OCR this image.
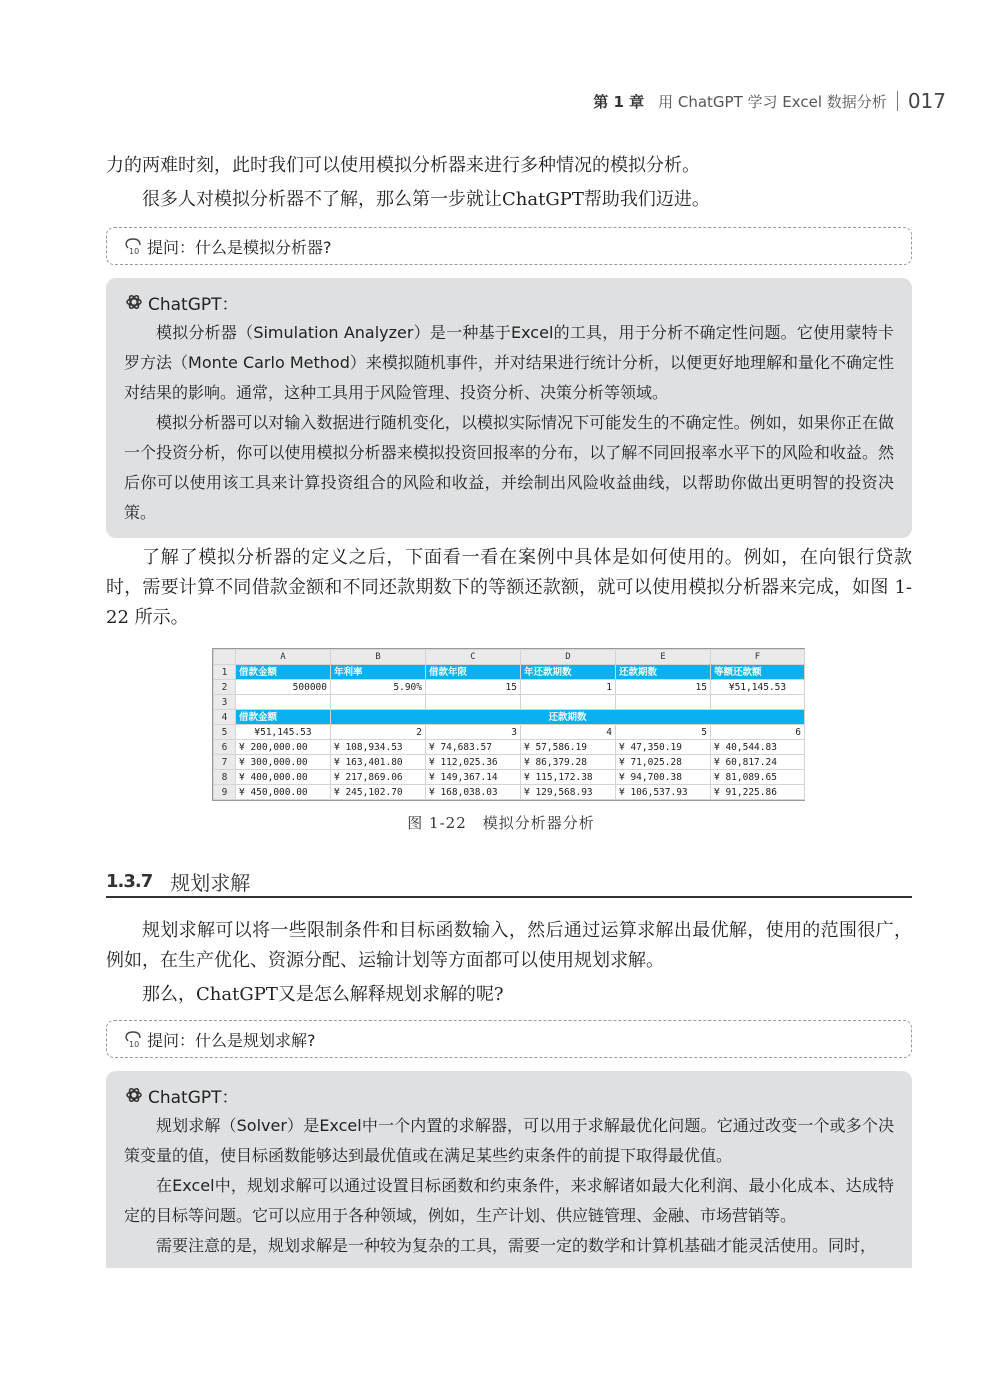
第 1 章 用 ChatGPT 学习 Excel 数据分析 017

力的两难时刻，此时我们可以使用模拟分析器来进行多种情况的模拟分析。

很多人对模拟分析器不了解，那么第一步就让ChatGPT帮助我们迈进。

10 提问：什么是模拟分析器?
ChatGPT：

模拟分析器（Simulation Analyzer）是一种基于Excel的工具，用于分析不确定性问题。它使用蒙特卡罗方法（Monte Carlo Method）来模拟随机事件，并对结果进行统计分析，以便更好地理解和量化不确定性对结果的影响。通常，这种工具用于风险管理、投资分析、决策分析等领域。

模拟分析器可以对输入数据进行随机变化，以模拟实际情况下可能发生的不确定性。例如，如果你正在做一个投资分析，你可以使用模拟分析器来模拟投资回报率的分布，以了解不同回报率水平下的风险和收益。然后你可以使用该工具来计算投资组合的风险和收益，并绘制出风险收益曲线，以帮助你做出更明智的投资决策。

了解了模拟分析器的定义之后，下面看一看在案例中具体是如何使用的。例如，在向银行贷款时，需要计算不同借款金额和不同还款期数下的等额还款额，就可以使用模拟分析器来完成，如图 1-22 所示。

	A	B	C	D	E	F
1	借款金额	年利率	借款年限	年还款期数	还款期数	等额还款额
2	500000	5.90%	15	1	15	¥51,145.53
3						
4	借款金额	还款期数				
5	¥51,145.53	2	3	4	5	6
6	¥ 200,000.00	¥ 108,934.53	¥ 74,683.57	¥ 57,586.19	¥ 47,350.19	¥ 40,544.83
7	¥ 300,000.00	¥ 163,401.80	¥ 112,025.36	¥ 86,379.28	¥ 71,025.28	¥ 60,817.24
8	¥ 400,000.00	¥ 217,869.06	¥ 149,367.14	¥ 115,172.38	¥ 94,700.38	¥ 81,089.65
9	¥ 450,000.00	¥ 245,102.70	¥ 168,038.03	¥ 129,568.93	¥ 106,537.93	¥ 91,225.86
图 1-22　模拟分析器分析
1.3.7 规划求解

规划求解可以将一些限制条件和目标函数输入，然后通过运算求解出最优解，使用的范围很广，例如，在生产优化、资源分配、运输计划等方面都可以使用规划求解。

那么，ChatGPT又是怎么解释规划求解的呢?

10 提问：什么是规划求解?
ChatGPT：

规划求解（Solver）是Excel中一个内置的求解器，可以用于求解最优化问题。它通过改变一个或多个决策变量的值，使目标函数能够达到最优值或在满足某些约束条件的前提下取得最优值。

在Excel中，规划求解可以通过设置目标函数和约束条件，来求解诸如最大化利润、最小化成本、达成特定的目标等问题。它可以应用于各种领域，例如，生产计划、供应链管理、金融、市场营销等。

需要注意的是，规划求解是一种较为复杂的工具，需要一定的数学和计算机基础才能灵活使用。同时，
